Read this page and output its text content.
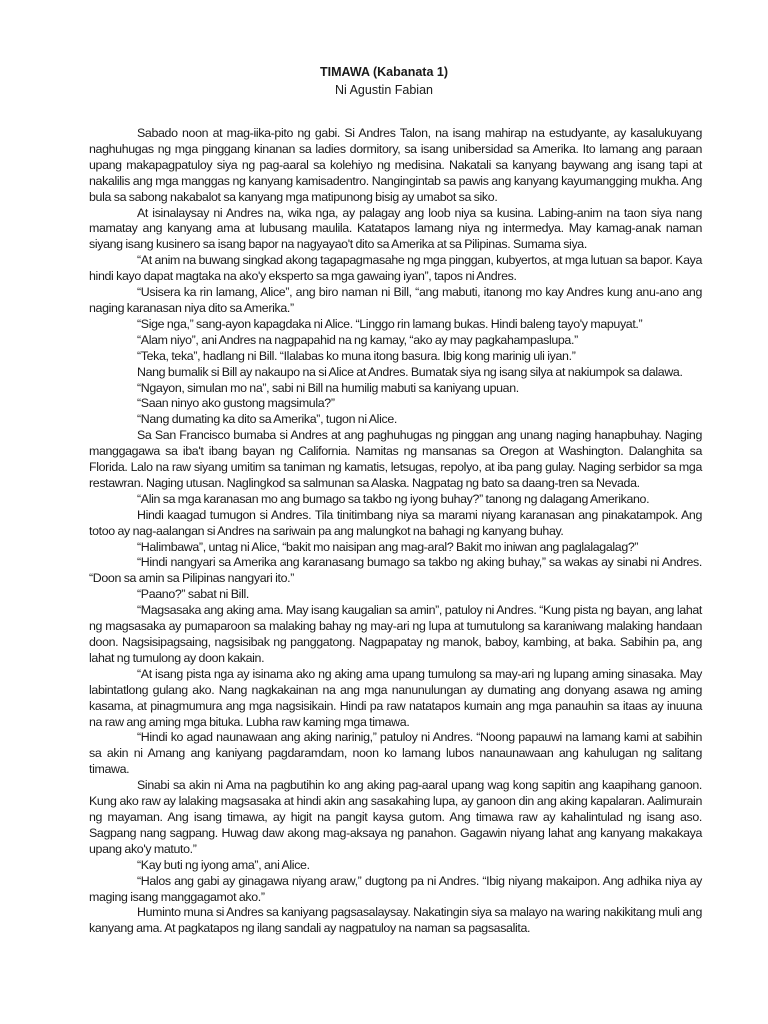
TIMAWA (Kabanata 1)
Ni Agustin Fabian

Sabado noon at mag-iika-pito ng gabi. Si Andres Talon, na isang mahirap na estudyante, ay kasalukuyang naghuhugas ng mga pinggang kinanan sa ladies dormitory, sa isang unibersidad sa Amerika. Ito lamang ang paraan upang makapagpatuloy siya ng pag-aaral sa kolehiyo ng medisina. Nakatali sa kanyang baywang ang isang tapi at nakalilis ang mga manggas ng kanyang kamisadentro. Nangingintab sa pawis ang kanyang kayumangging mukha. Ang bula sa sabong nakabalot sa kanyang mga matipunong bisig ay umabot sa siko.

At isinalaysay ni Andres na, wika nga, ay palagay ang loob niya sa kusina. Labing-anim na taon siya nang mamatay ang kanyang ama at lubusang maulila. Katatapos lamang niya ng intermedya. May kamag-anak naman siyang isang kusinero sa isang bapor na nagyayao't dito sa Amerika at sa Pilipinas. Sumama siya.

“At anim na buwang singkad akong tagapagmasahe ng mga pinggan, kubyertos, at mga lutuan sa bapor. Kaya hindi kayo dapat magtaka na ako'y eksperto sa mga gawaing iyan”, tapos ni Andres.

“Usisera ka rin lamang, Alice”, ang biro naman ni Bill, “ang mabuti, itanong mo kay Andres kung anu-ano ang naging karanasan niya dito sa Amerika.”

“Sige nga,” sang-ayon kapagdaka ni Alice. “Linggo rin lamang bukas. Hindi baleng tayo'y mapuyat.”

“Alam niyo”, ani Andres na nagpapahid na ng kamay, “ako ay may pagkahampaslupa.”

“Teka, teka”, hadlang ni Bill. “Ilalabas ko muna itong basura. Ibig kong marinig uli iyan.”

Nang bumalik si Bill ay nakaupo na si Alice at Andres. Bumatak siya ng isang silya at nakiumpok sa dalawa.

“Ngayon, simulan mo na”, sabi ni Bill na humilig mabuti sa kaniyang upuan.

“Saan ninyo ako gustong magsimula?”

“Nang dumating ka dito sa Amerika”, tugon ni Alice.

Sa San Francisco bumaba si Andres at ang paghuhugas ng pinggan ang unang naging hanapbuhay. Naging manggagawa sa iba't ibang bayan ng California. Namitas ng mansanas sa Oregon at Washington. Dalanghita sa Florida. Lalo na raw siyang umitim sa taniman ng kamatis, letsugas, repolyo, at iba pang gulay. Naging serbidor sa mga restawran. Naging utusan. Naglingkod sa salmunan sa Alaska. Nagpatag ng bato sa daang-tren sa Nevada.

“Alin sa mga karanasan mo ang bumago sa takbo ng iyong buhay?” tanong ng dalagang Amerikano.

Hindi kaagad tumugon si Andres. Tila tinitimbang niya sa marami niyang karanasan ang pinakatampok. Ang totoo ay nag-aalangan si Andres na sariwain pa ang malungkot na bahagi ng kanyang buhay.

“Halimbawa”, untag ni Alice, “bakit mo naisipan ang mag-aral? Bakit mo iniwan ang paglalagalag?”

“Hindi nangyari sa Amerika ang karanasang bumago sa takbo ng aking buhay,” sa wakas ay sinabi ni Andres. “Doon sa amin sa Pilipinas nangyari ito.”

“Paano?” sabat ni Bill.

“Magsasaka ang aking ama. May isang kaugalian sa amin”, patuloy ni Andres. “Kung pista ng bayan, ang lahat ng magsasaka ay pumaparoon sa malaking bahay ng may-ari ng lupa at tumutulong sa karaniwang malaking handaan doon. Nagsisipagsaing, nagsisibak ng panggatong. Nagpapatay ng manok, baboy, kambing, at baka. Sabihin pa, ang lahat ng tumulong ay doon kakain.

“At isang pista nga ay isinama ako ng aking ama upang tumulong sa may-ari ng lupang aming sinasaka. May labintatlong gulang ako. Nang nagkakainan na ang mga nanunulungan ay dumating ang donyang asawa ng aming kasama, at pinagmumura ang mga nagsisikain. Hindi pa raw natatapos kumain ang mga panauhin sa itaas ay inuuna na raw ang aming mga bituka. Lubha raw kaming mga timawa.

“Hindi ko agad naunawaan ang aking narinig,” patuloy ni Andres. “Noong papauwi na lamang kami at sabihin sa akin ni Amang ang kaniyang pagdaramdam, noon ko lamang lubos nanaunawaan ang kahulugan ng salitang timawa.

Sinabi sa akin ni Ama na pagbutihin ko ang aking pag-aaral upang wag kong sapitin ang kaapihang ganoon. Kung ako raw ay lalaking magsasaka at hindi akin ang sasakahing lupa, ay ganoon din ang aking kapalaran. Aalimurain ng mayaman. Ang isang timawa, ay higit na pangit kaysa gutom. Ang timawa raw ay kahalintulad ng isang aso. Sagpang nang sagpang. Huwag daw akong mag-aksaya ng panahon. Gagawin niyang lahat ang kanyang makakaya upang ako'y matuto.”

“Kay buti ng iyong ama”, ani Alice.

“Halos ang gabi ay ginagawa niyang araw,” dugtong pa ni Andres. “Ibig niyang makaipon. Ang adhika niya ay maging isang manggagamot ako.”

Huminto muna si Andres sa kaniyang pagsasalaysay. Nakatingin siya sa malayo na waring nakikitang muli ang kanyang ama. At pagkatapos ng ilang sandali ay nagpatuloy na naman sa pagsasalita.
